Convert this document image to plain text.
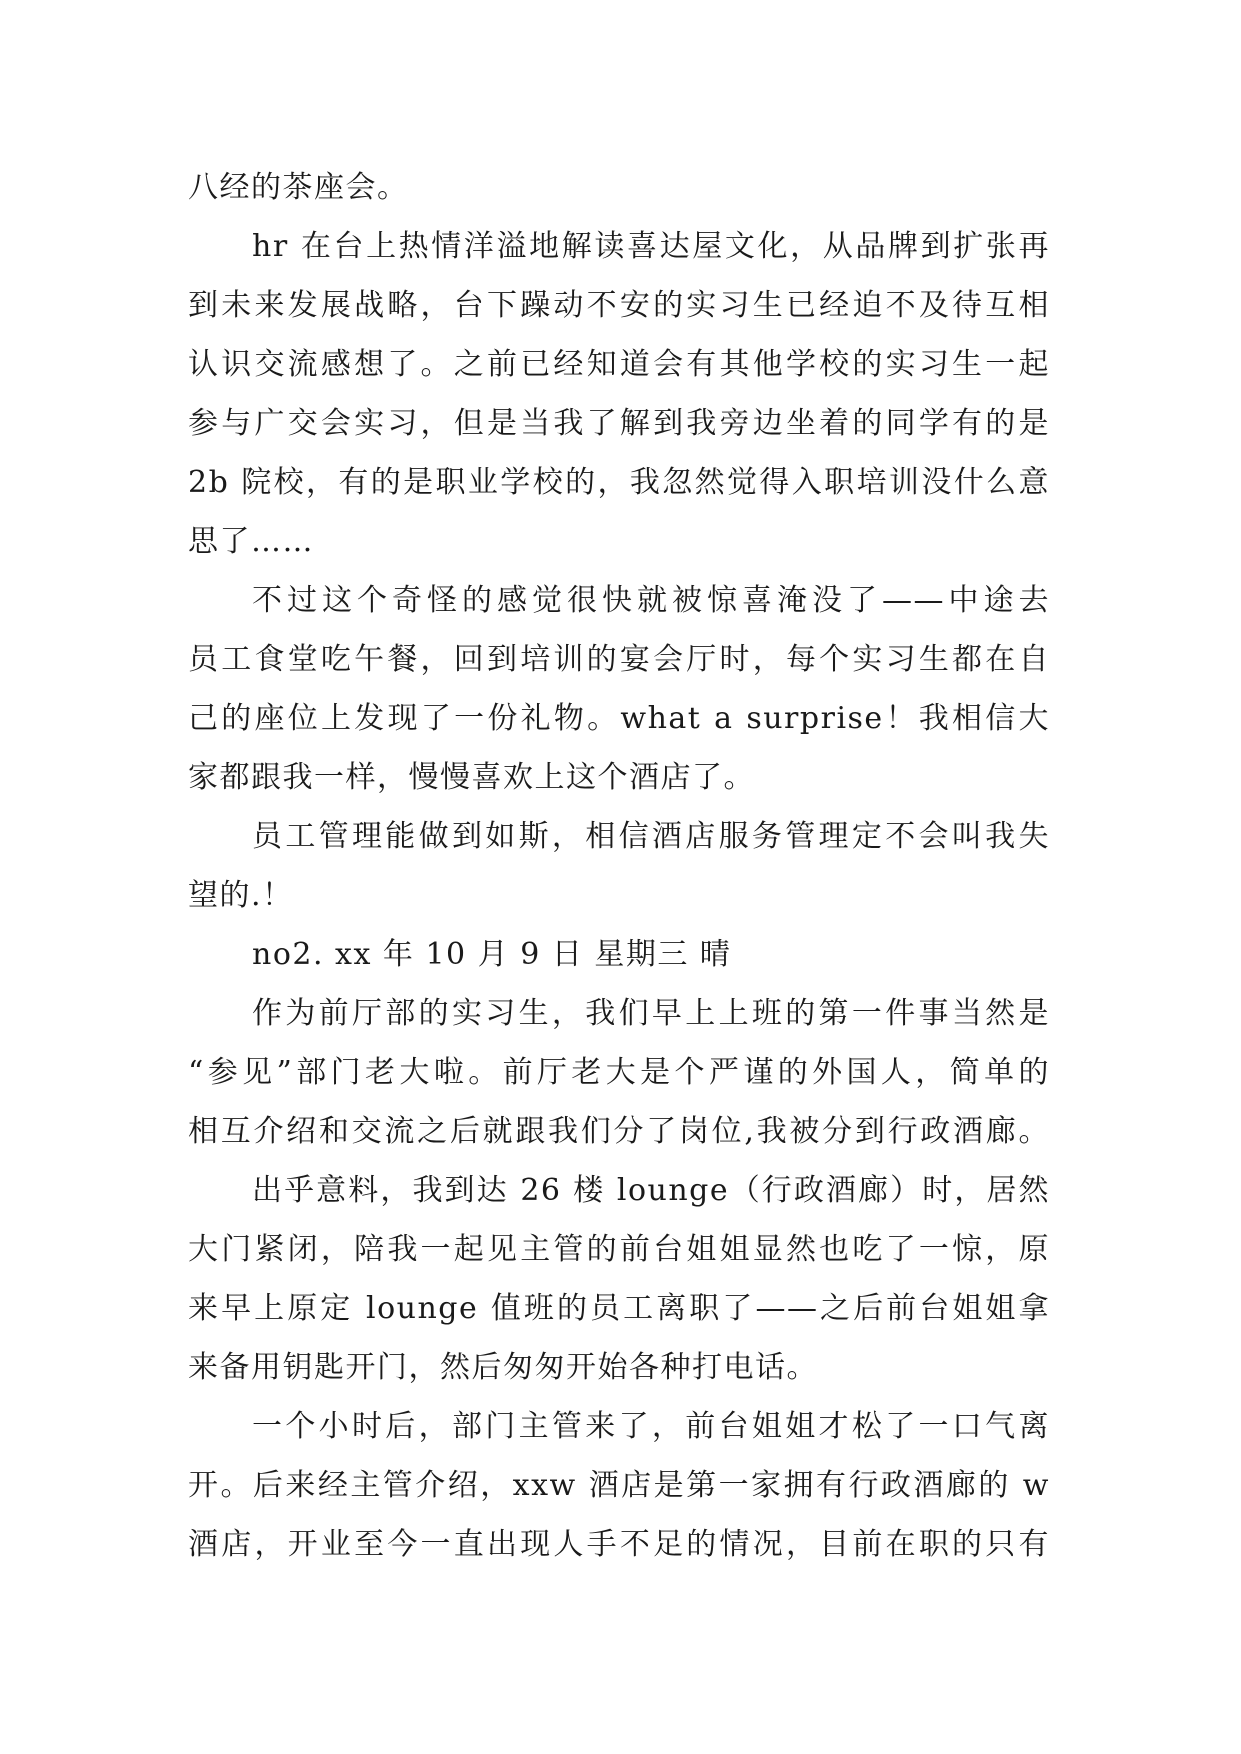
八经的茶座会。
hr 在台上热情洋溢地解读喜达屋文化，从品牌到扩张再
到未来发展战略，台下躁动不安的实习生已经迫不及待互相
认识交流感想了。之前已经知道会有其他学校的实习生一起
参与广交会实习，但是当我了解到我旁边坐着的同学有的是
2b 院校，有的是职业学校的，我忽然觉得入职培训没什么意
思了……
不过这个奇怪的感觉很快就被惊喜淹没了——中途去
员工食堂吃午餐，回到培训的宴会厅时，每个实习生都在自
己的座位上发现了一份礼物。what a surprise！我相信大
家都跟我一样，慢慢喜欢上这个酒店了。
员工管理能做到如斯，相信酒店服务管理定不会叫我失
望的.！
no2. xx 年 10 月 9 日 星期三 晴
作为前厅部的实习生，我们早上上班的第一件事当然是
“参见”部门老大啦。前厅老大是个严谨的外国人，简单的
相互介绍和交流之后就跟我们分了岗位,我被分到行政酒廊。
出乎意料，我到达 26 楼 lounge（行政酒廊）时，居然
大门紧闭，陪我一起见主管的前台姐姐显然也吃了一惊，原
来早上原定 lounge 值班的员工离职了——之后前台姐姐拿
来备用钥匙开门，然后匆匆开始各种打电话。
一个小时后，部门主管来了，前台姐姐才松了一口气离
开。后来经主管介绍，xxw 酒店是第一家拥有行政酒廊的 w
酒店，开业至今一直出现人手不足的情况，目前在职的只有
